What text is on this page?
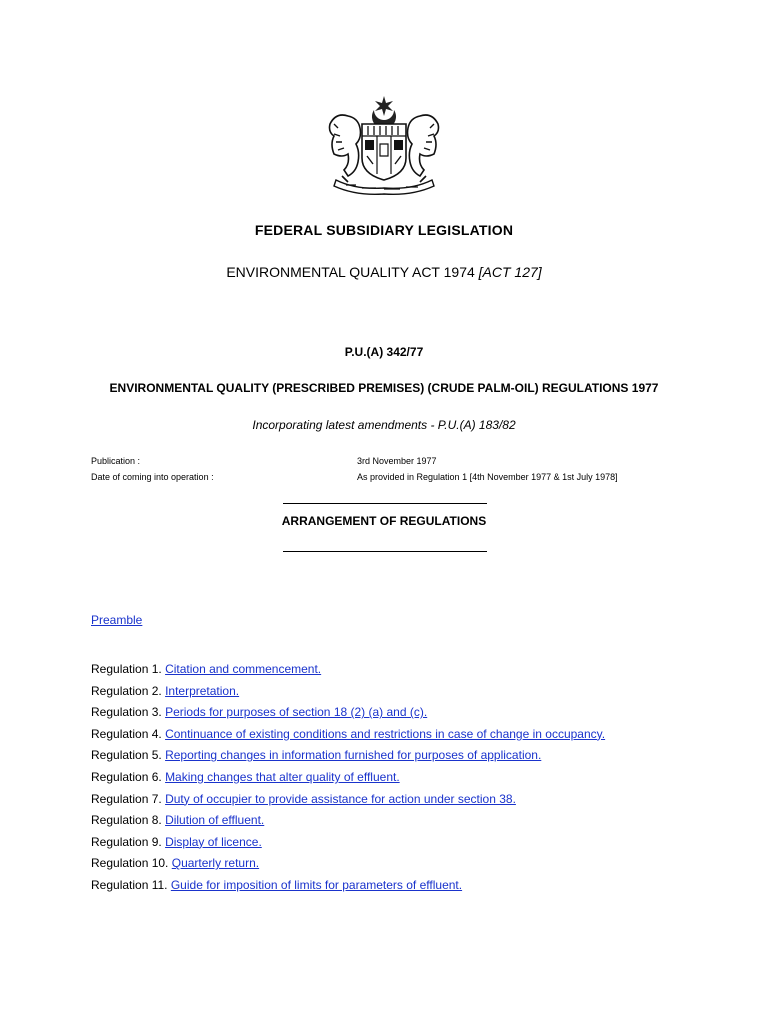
FEDERAL SUBSIDIARY LEGISLATION
ENVIRONMENTAL QUALITY ACT 1974 [ACT 127]
P.U.(A) 342/77
ENVIRONMENTAL QUALITY (PRESCRIBED PREMISES) (CRUDE PALM-OIL) REGULATIONS 1977
Incorporating latest amendments - P.U.(A) 183/82
Publication :	3rd November 1977
Date of coming into operation :	As provided in Regulation 1 [4th November 1977 & 1st July 1978]
ARRANGEMENT OF REGULATIONS
Preamble
Regulation 1. Citation and commencement.
Regulation 2. Interpretation.
Regulation 3. Periods for purposes of section 18 (2) (a) and (c).
Regulation 4. Continuance of existing conditions and restrictions in case of change in occupancy.
Regulation 5. Reporting changes in information furnished for purposes of application.
Regulation 6. Making changes that alter quality of effluent.
Regulation 7. Duty of occupier to provide assistance for action under section 38.
Regulation 8. Dilution of effluent.
Regulation 9. Display of licence.
Regulation 10. Quarterly return.
Regulation 11. Guide for imposition of limits for parameters of effluent.
